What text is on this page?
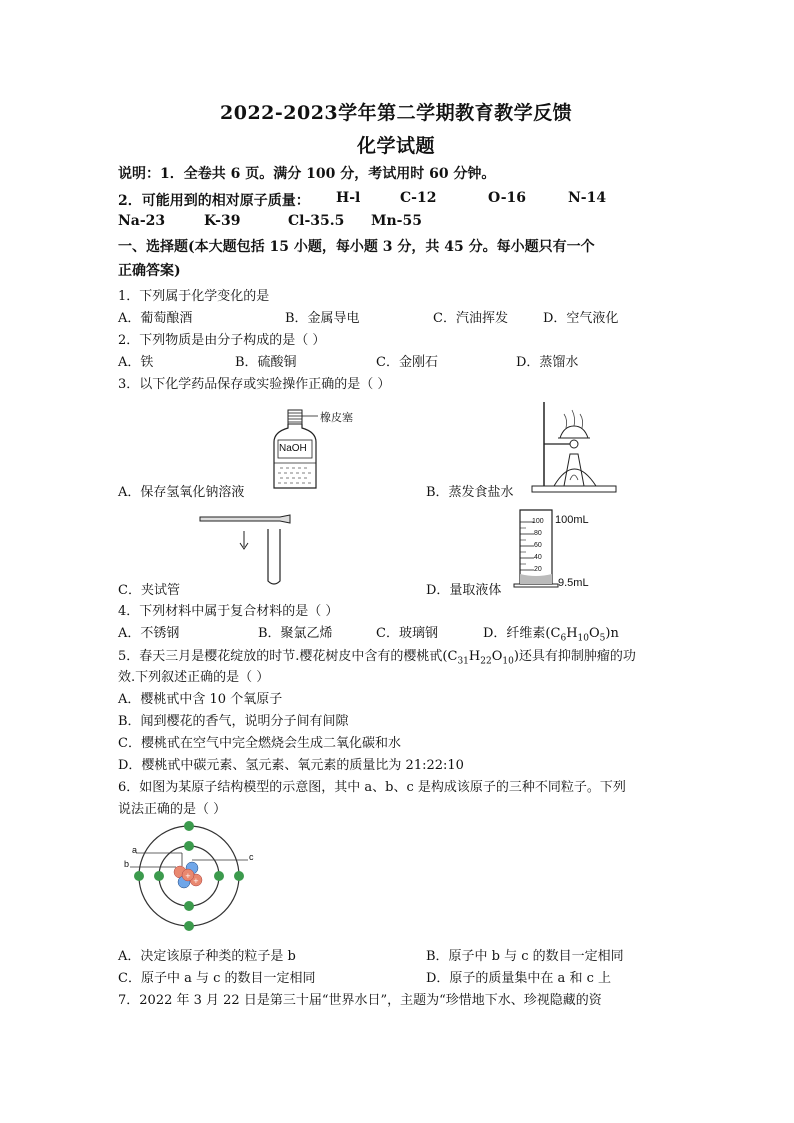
2022-2023学年第二学期教育教学反馈
化学试题
说明：1．全卷共 6 页。满分 100 分，考试用时 60 分钟。
2．可能用到的相对原子质量： H-l	C-12	O-16	N-14
Na-23	K-39	Cl-35.5 Mn-55
一、选择题(本大题包括 15 小题，每小题 3 分，共 45 分。每小题只有一个
正确答案)
1．下列属于化学变化的是
A．葡萄酿酒	B．金属导电	C．汽油挥发	D．空气液化
2．下列物质是由分子构成的是（ ）
A．铁	B．硫酸铜	C．金刚石	D．蒸馏水
3．以下化学药品保存或实验操作正确的是（ ）
NaOH
橡皮塞
A．保存氢氧化钠溶液	B．蒸发食盐水
100
80
60
40
20
100mL
9.5mL
C．夹试管	D．量取液体
4．下列材料中属于复合材料的是（ ）
A．不锈钢	B．聚氯乙烯	C．玻璃钢	D．纤维素$(C_6H_{10}O_5)n$
5．春天三月是樱花绽放的时节.樱花树皮中含有的樱桃甙$(C_{31}H_{22}O_{10})$还具有抑制肿瘤的功
效.下列叙述正确的是（ ）
A．樱桃甙中含 10 个氧原子
B．闻到樱花的香气，说明分子间有间隙
C．樱桃甙在空气中完全燃烧会生成二氧化碳和水
D．樱桃甙中碳元素、氢元素、氧元素的质量比为 21:22:10
6．如图为某原子结构模型的示意图，其中 a、b、c 是构成该原子的三种不同粒子。下列
说法正确的是（ ）
+
+
a
b
c
A．决定该原子种类的粒子是 b	B．原子中 b 与 c 的数目一定相同
C．原子中 a 与 c 的数目一定相同	D．原子的质量集中在 a 和 c 上
7．2022 年 3 月 22 日是第三十届“世界水日”，主题为“珍惜地下水、珍视隐藏的资
